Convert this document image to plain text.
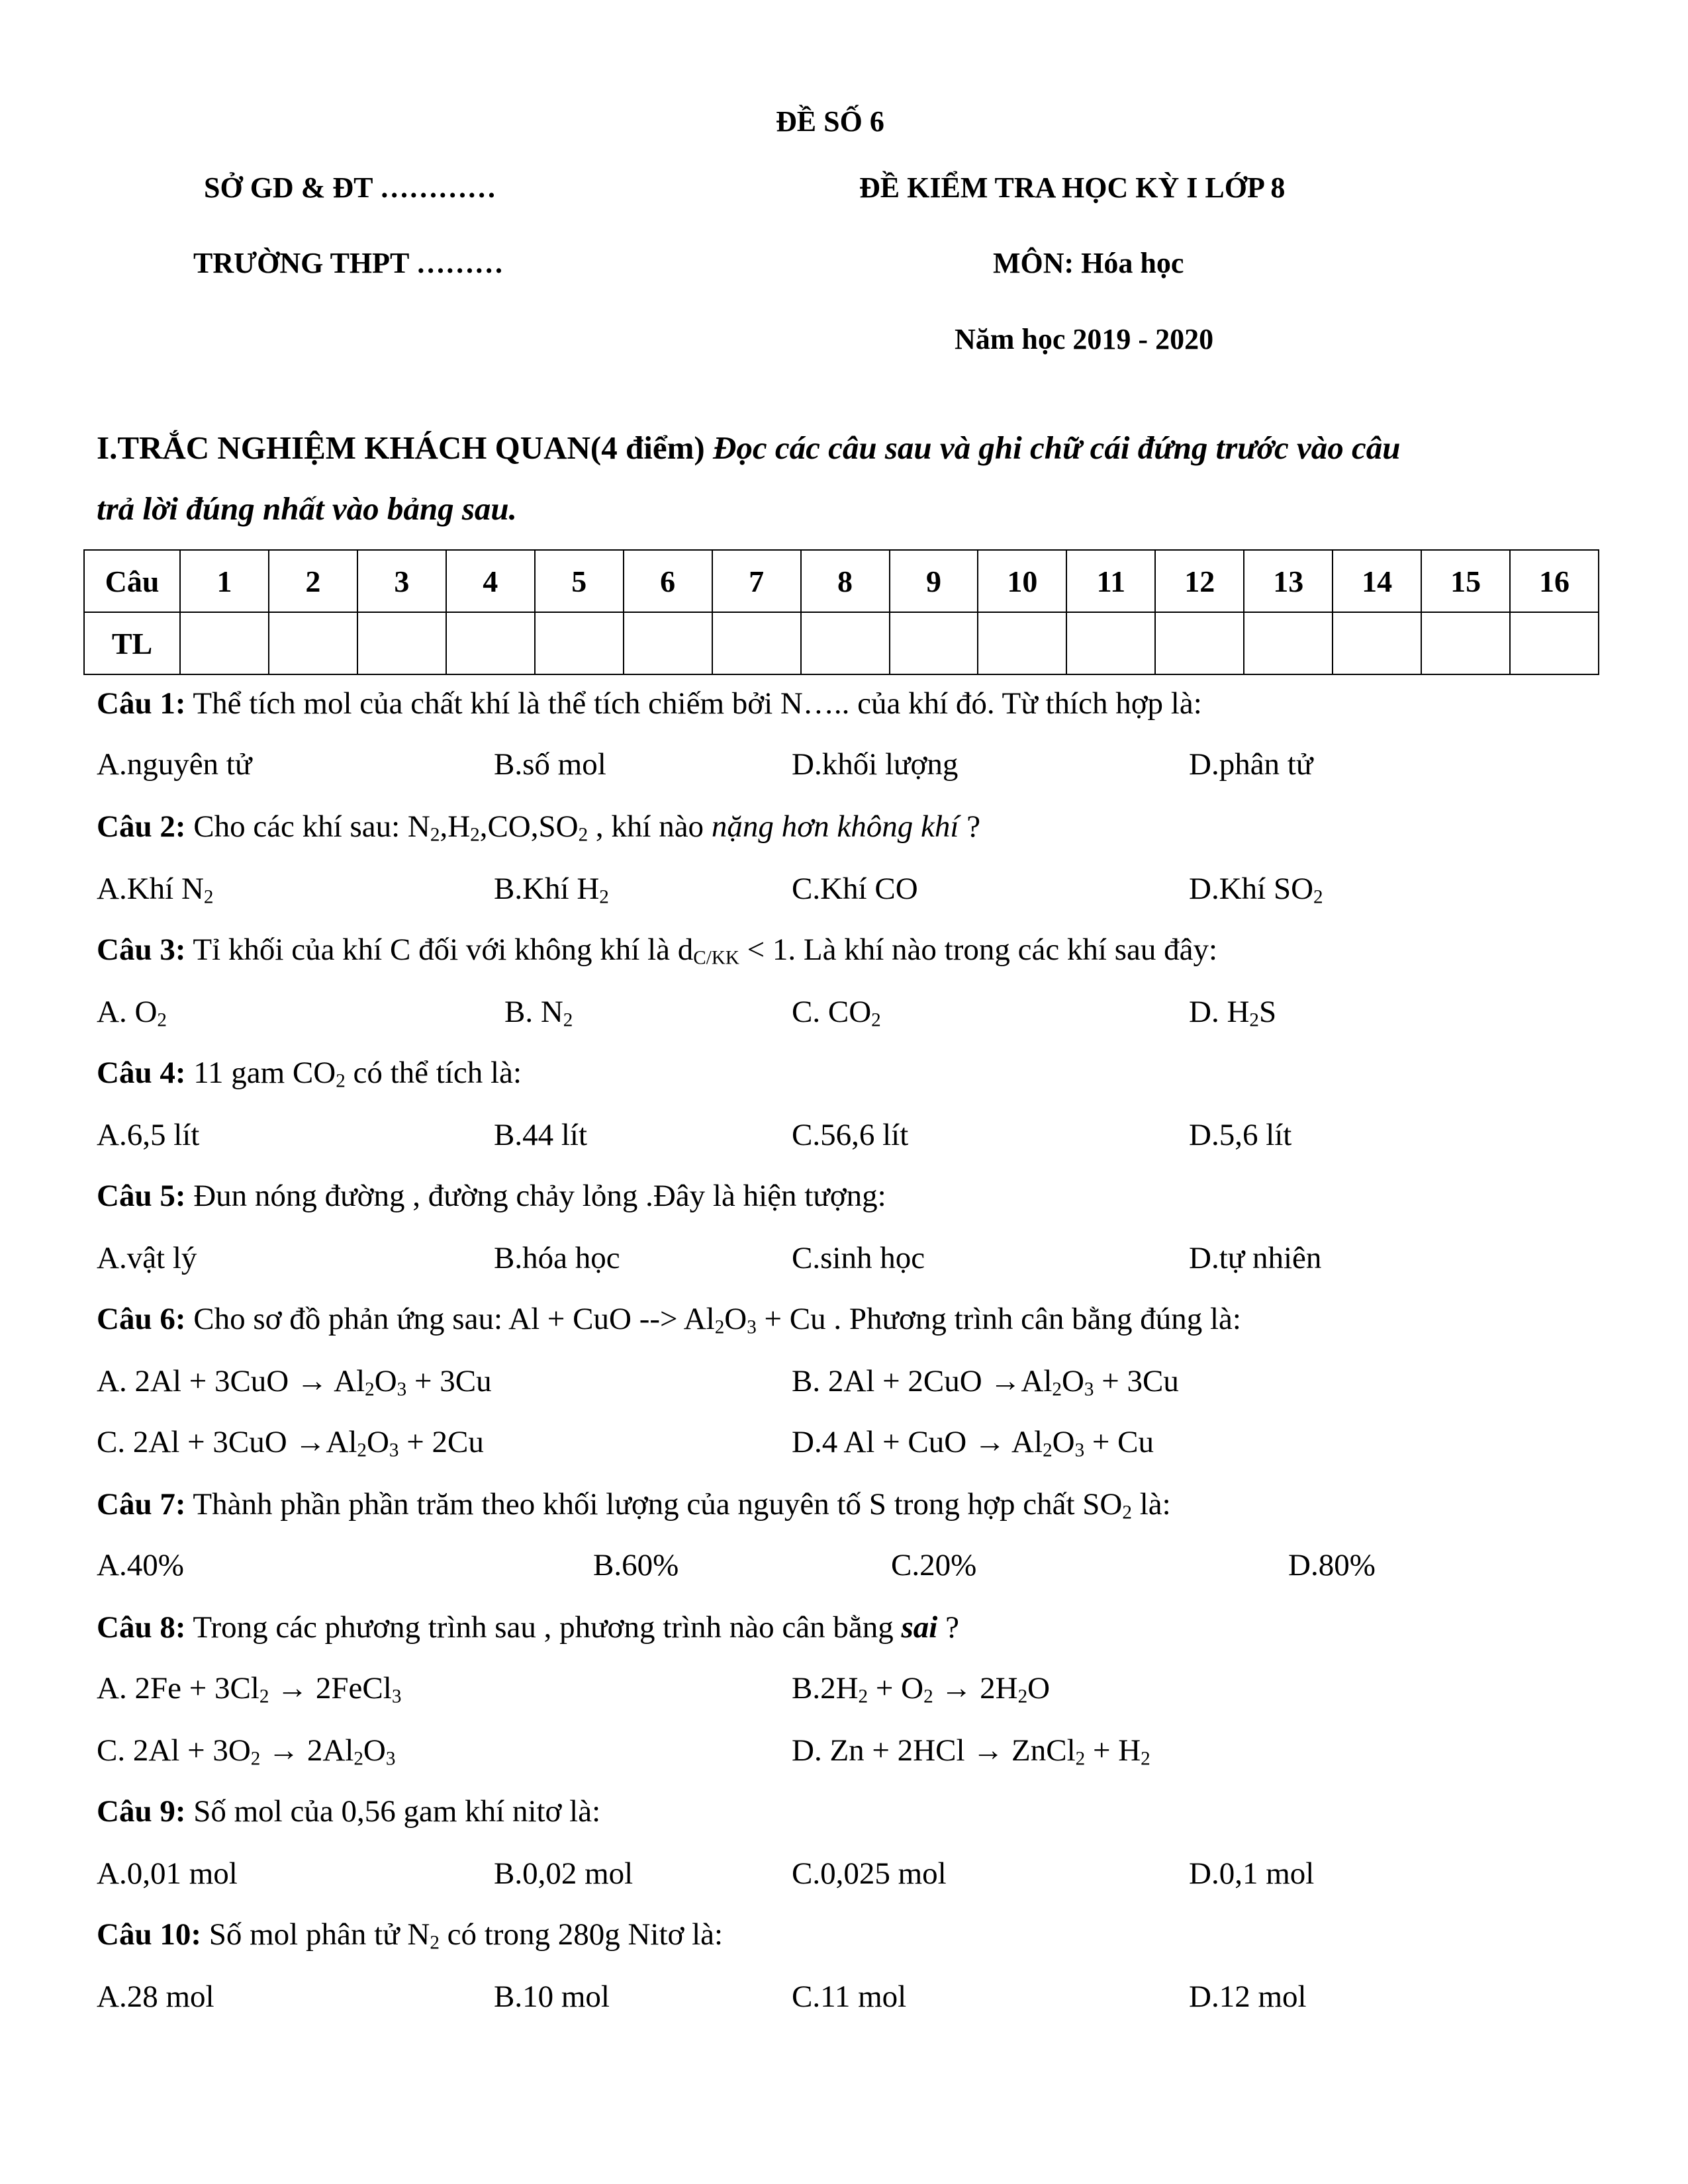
ĐỀ SỐ 6
SỞ GD & ĐT …………	ĐỀ KIỂM TRA HỌC KỲ I LỚP 8
TRƯỜNG THPT ………	MÔN: Hóa học
Năm học 2019 - 2020
I.TRẮC NGHIỆM KHÁCH QUAN(4 điểm) Đọc các câu sau và ghi chữ cái đứng trước vào câu
trả lời đúng nhất vào bảng sau.
Câu	1	2	3	4	5	6	7	8	9	10	11	12	13	14	15	16
TL																
Câu 1: Thể tích mol của chất khí là thể tích chiếm bởi N….. của khí đó. Từ thích hợp là:
A.nguyên tử	B.số mol	D.khối lượng	D.phân tử
Câu 2: Cho các khí sau: $N_2,H_2,CO,SO_2$ , khí nào nặng hơn không khí ?
A.Khí $N_2$	B.Khí $H_2$	C.Khí CO	D.Khí $SO_2$
Câu 3: Tỉ khối của khí C đối với không khí là $d_{C/KK} < 1$. Là khí nào trong các khí sau đây:
A. $O_2$	B. $N_2$	C. $CO_2$	D. $H_2S$
Câu 4: 11 gam $CO_2$ có thể tích là:
A.6,5 lít	B.44 lít	C.56,6 lít	D.5,6 lít
Câu 5: Đun nóng đường , đường chảy lỏng .Đây là hiện tượng:
A.vật lý	B.hóa học	C.sinh học	D.tự nhiên
Câu 6: Cho sơ đồ phản ứng sau: Al + CuO --> $Al_2O_3 + Cu$ . Phương trình cân bằng đúng là:
A. $2Al + 3CuO \to Al_2O_3 + 3Cu$	B. $2Al + 2CuO \to Al_2O_3 + 3Cu$
C. $2Al + 3CuO \to Al_2O_3 + 2Cu$	D.4 Al + CuO → $Al_2O_3 + Cu$
Câu 7: Thành phần phần trăm theo khối lượng của nguyên tố S trong hợp chất $SO_2$ là:
A.40%	B.60%	C.20%	D.80%
Câu 8: Trong các phương trình sau , phương trình nào cân bằng sai ?
A. $2Fe + 3Cl_2$ → 2FeCl$_3$	$B.2H_2 + O_2 \to 2H_2O$
C. $2Al + 3O_2 \to 2Al_2O_3$	D. Zn + 2HCl → ZnCl$_2$ + $H_2$
Câu 9: Số mol của 0,56 gam khí nitơ là:
A.0,01 mol	B.0,02 mol	C.0,025 mol	D.0,1 mol
Câu 10: Số mol phân tử $N_2$ có trong 280g Nitơ là:
A.28 mol	B.10 mol	C.11 mol	D.12 mol
